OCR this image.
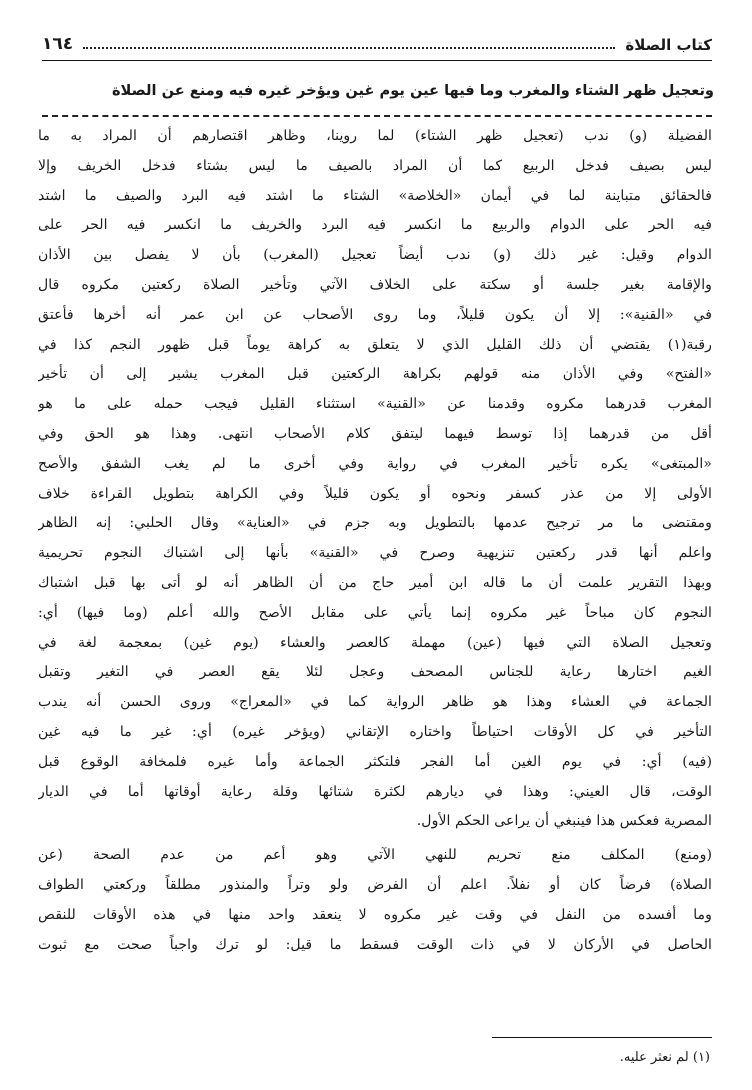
كتاب الصلاة
١٦٤
وتعجيل ظهر الشتاء والمغرب وما فيها عين يوم غين ويؤخر غيره فيه ومنع عن الصلاة
الفضيلة (و) ندب (تعجيل ظهر الشتاء) لما روينا، وظاهر اقتصارهم أن المراد به ما
ليس بصيف فدخل الربيع كما أن المراد بالصيف ما ليس بشتاء فدخل الخريف وإلا
فالحقائق متباينة لما في أيمان «الخلاصة» الشتاء ما اشتد فيه البرد والصيف ما اشتد
فيه الحر على الدوام والربيع ما انكسر فيه البرد والخريف ما انكسر فيه الحر على
الدوام وقيل: غير ذلك (و) ندب أيضاً تعجيل (المغرب) بأن لا يفصل بين الأذان
والإقامة بغير جلسة أو سكتة على الخلاف الآتي وتأخير الصلاة ركعتين مكروه قال
في «القنية»: إلا أن يكون قليلاً، وما روى الأصحاب عن ابن عمر أنه أخرها فأعتق
رقبة(١) يقتضي أن ذلك القليل الذي لا يتعلق به كراهة يوماً قبل ظهور النجم كذا في
«الفتح» وفي الأذان منه قولهم بكراهة الركعتين قبل المغرب يشير إلى أن تأخير
المغرب قدرهما مكروه وقدمنا عن «القنية» استثناء القليل فيجب حمله على ما هو
أقل من قدرهما إذا توسط فيهما ليتفق كلام الأصحاب انتهى. وهذا هو الحق وفي
«المبتغى» يكره تأخير المغرب في رواية وفي أخرى ما لم يغب الشفق والأصح
الأولى إلا من عذر كسفر ونحوه أو يكون قليلاً وفي الكراهة بتطويل القراءة خلاف
ومقتضى ما مر ترجيح عدمها بالتطويل وبه جزم في «العناية» وقال الحلبي: إنه الظاهر
واعلم أنها قدر ركعتين تنزيهية وصرح في «القنية» بأنها إلى اشتباك النجوم تحريمية
وبهذا التقرير علمت أن ما قاله ابن أمير حاج من أن الظاهر أنه لو أتى بها قبل اشتباك
النجوم كان مباحاً غير مكروه إنما يأتي على مقابل الأصح والله أعلم (وما فيها) أي:
وتعجيل الصلاة التي فيها (عين) مهملة كالعصر والعشاء (يوم غين) بمعجمة لغة في
الغيم اختارها رعاية للجناس المصحف وعجل لئلا يقع العصر في التغير وتقبل
الجماعة في العشاء وهذا هو ظاهر الرواية كما في «المعراج» وروى الحسن أنه يندب
التأخير في كل الأوقات احتياطاً واختاره الإتقاني (ويؤخر غيره) أي: غير ما فيه غين
(فيه) أي: في يوم الغين أما الفجر فلتكثر الجماعة وأما غيره فلمخافة الوقوع قبل
الوقت، قال العيني: وهذا في ديارهم لكثرة شتائها وقلة رعاية أوقاتها أما في الديار
المصرية فعكس هذا فينبغي أن يراعى الحكم الأول.
(ومنع) المكلف منع تحريم للنهي الآتي وهو أعم من عدم الصحة (عن
الصلاة) فرضاً كان أو نفلاً. اعلم أن الفرض ولو وتراً والمنذور مطلقاً وركعتي الطواف
وما أفسده من النفل في وقت غير مكروه لا ينعقد واحد منها في هذه الأوقات للنقص
الحاصل في الأركان لا في ذات الوقت فسقط ما قيل: لو ترك واجباً صحت مع ثبوت
(١) لم نعثر عليه.
